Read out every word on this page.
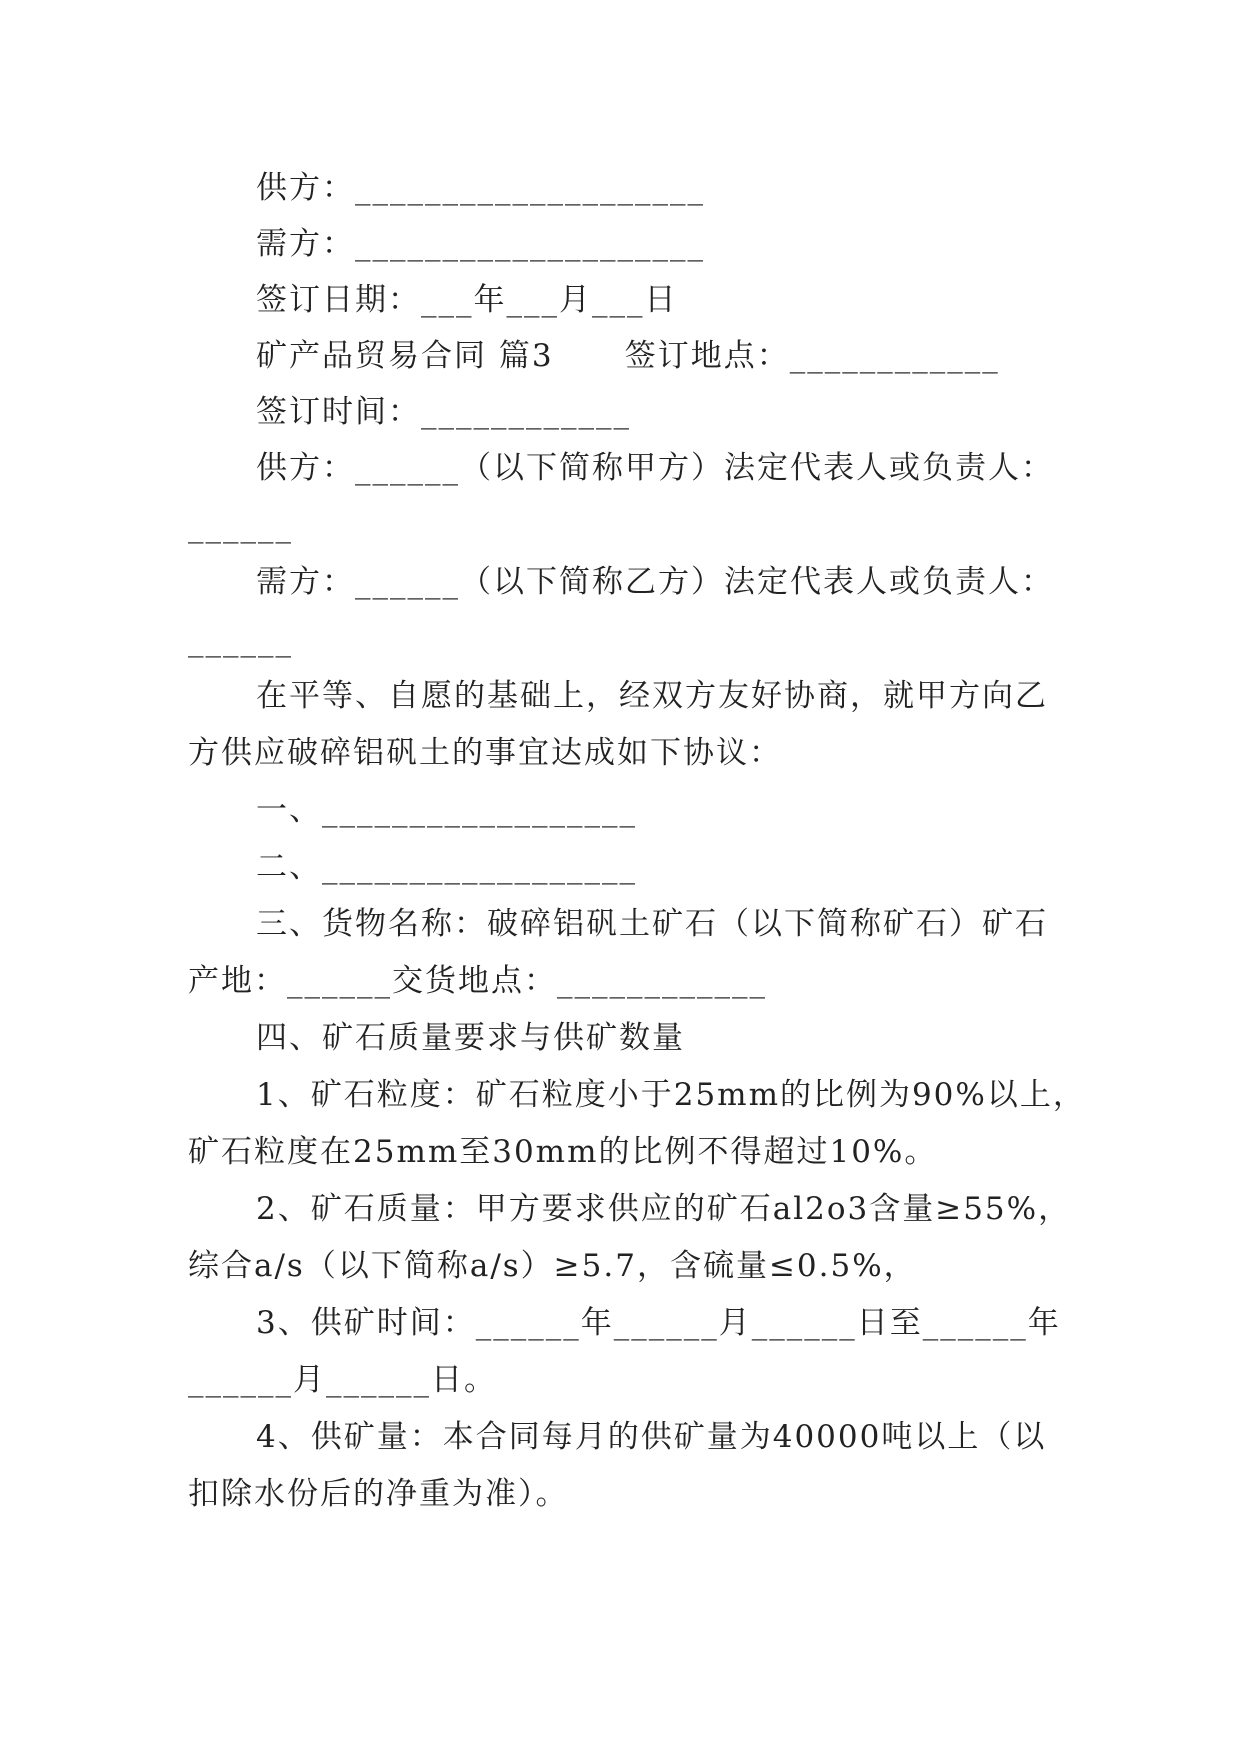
供方：____________________
需方：____________________
签订日期：___年___月___日
矿产品贸易合同 篇3      签订地点：____________
签订时间：____________
供方：______（以下简称甲方）法定代表人或负责人：
______
需方：______（以下简称乙方）法定代表人或负责人：
______
在平等、自愿的基础上，经双方友好协商，就甲方向乙
方供应破碎铝矾土的事宜达成如下协议：
一、__________________
二、__________________
三、货物名称：破碎铝矾土矿石（以下简称矿石）矿石
产地：______交货地点：____________
四、矿石质量要求与供矿数量
1、矿石粒度：矿石粒度小于25mm的比例为90%以上，
矿石粒度在25mm至30mm的比例不得超过10%。
2、矿石质量：甲方要求供应的矿石al2o3含量≥55%，
综合a/s（以下简称a/s）≥5.7，含硫量≤0.5%，
3、供矿时间：______年______月______日至______年
______月______日。
4、供矿量：本合同每月的供矿量为40000吨以上（以
扣除水份后的净重为准）。
